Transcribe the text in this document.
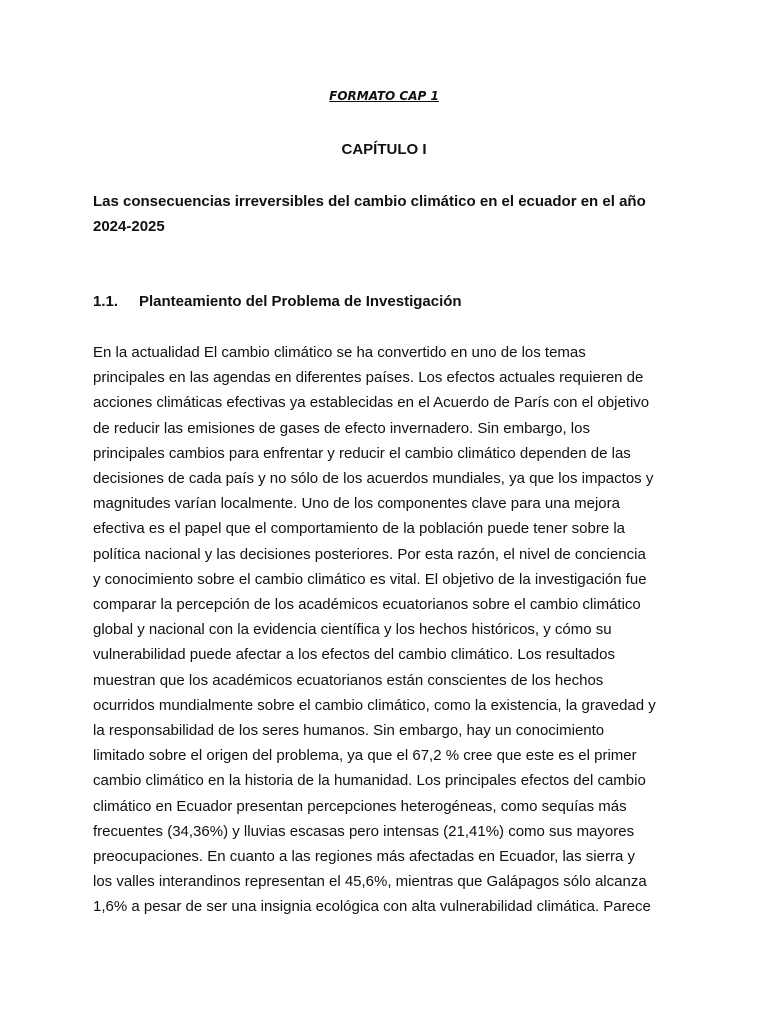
FORMATO CAP 1
CAPÍTULO I
Las consecuencias irreversibles del cambio climático en el ecuador en el año
2024-2025
1.1. Planteamiento del Problema de Investigación
En la actualidad El cambio climático se ha convertido en uno de los temas
principales en las agendas en diferentes países. Los efectos actuales requieren de
acciones climáticas efectivas ya establecidas en el Acuerdo de París con el objetivo
de reducir las emisiones de gases de efecto invernadero. Sin embargo, los
principales cambios para enfrentar y reducir el cambio climático dependen de las
decisiones de cada país y no sólo de los acuerdos mundiales, ya que los impactos y
magnitudes varían localmente. Uno de los componentes clave para una mejora
efectiva es el papel que el comportamiento de la población puede tener sobre la
política nacional y las decisiones posteriores. Por esta razón, el nivel de conciencia
y conocimiento sobre el cambio climático es vital. El objetivo de la investigación fue
comparar la percepción de los académicos ecuatorianos sobre el cambio climático
global y nacional con la evidencia científica y los hechos históricos, y cómo su
vulnerabilidad puede afectar a los efectos del cambio climático. Los resultados
muestran que los académicos ecuatorianos están conscientes de los hechos
ocurridos mundialmente sobre el cambio climático, como la existencia, la gravedad y
la responsabilidad de los seres humanos. Sin embargo, hay un conocimiento
limitado sobre el origen del problema, ya que el 67,2 % cree que este es el primer
cambio climático en la historia de la humanidad. Los principales efectos del cambio
climático en Ecuador presentan percepciones heterogéneas, como sequías más
frecuentes (34,36%) y lluvias escasas pero intensas (21,41%) como sus mayores
preocupaciones. En cuanto a las regiones más afectadas en Ecuador, las sierra y
los valles interandinos representan el 45,6%, mientras que Galápagos sólo alcanza
1,6% a pesar de ser una insignia ecológica con alta vulnerabilidad climática. Parece
